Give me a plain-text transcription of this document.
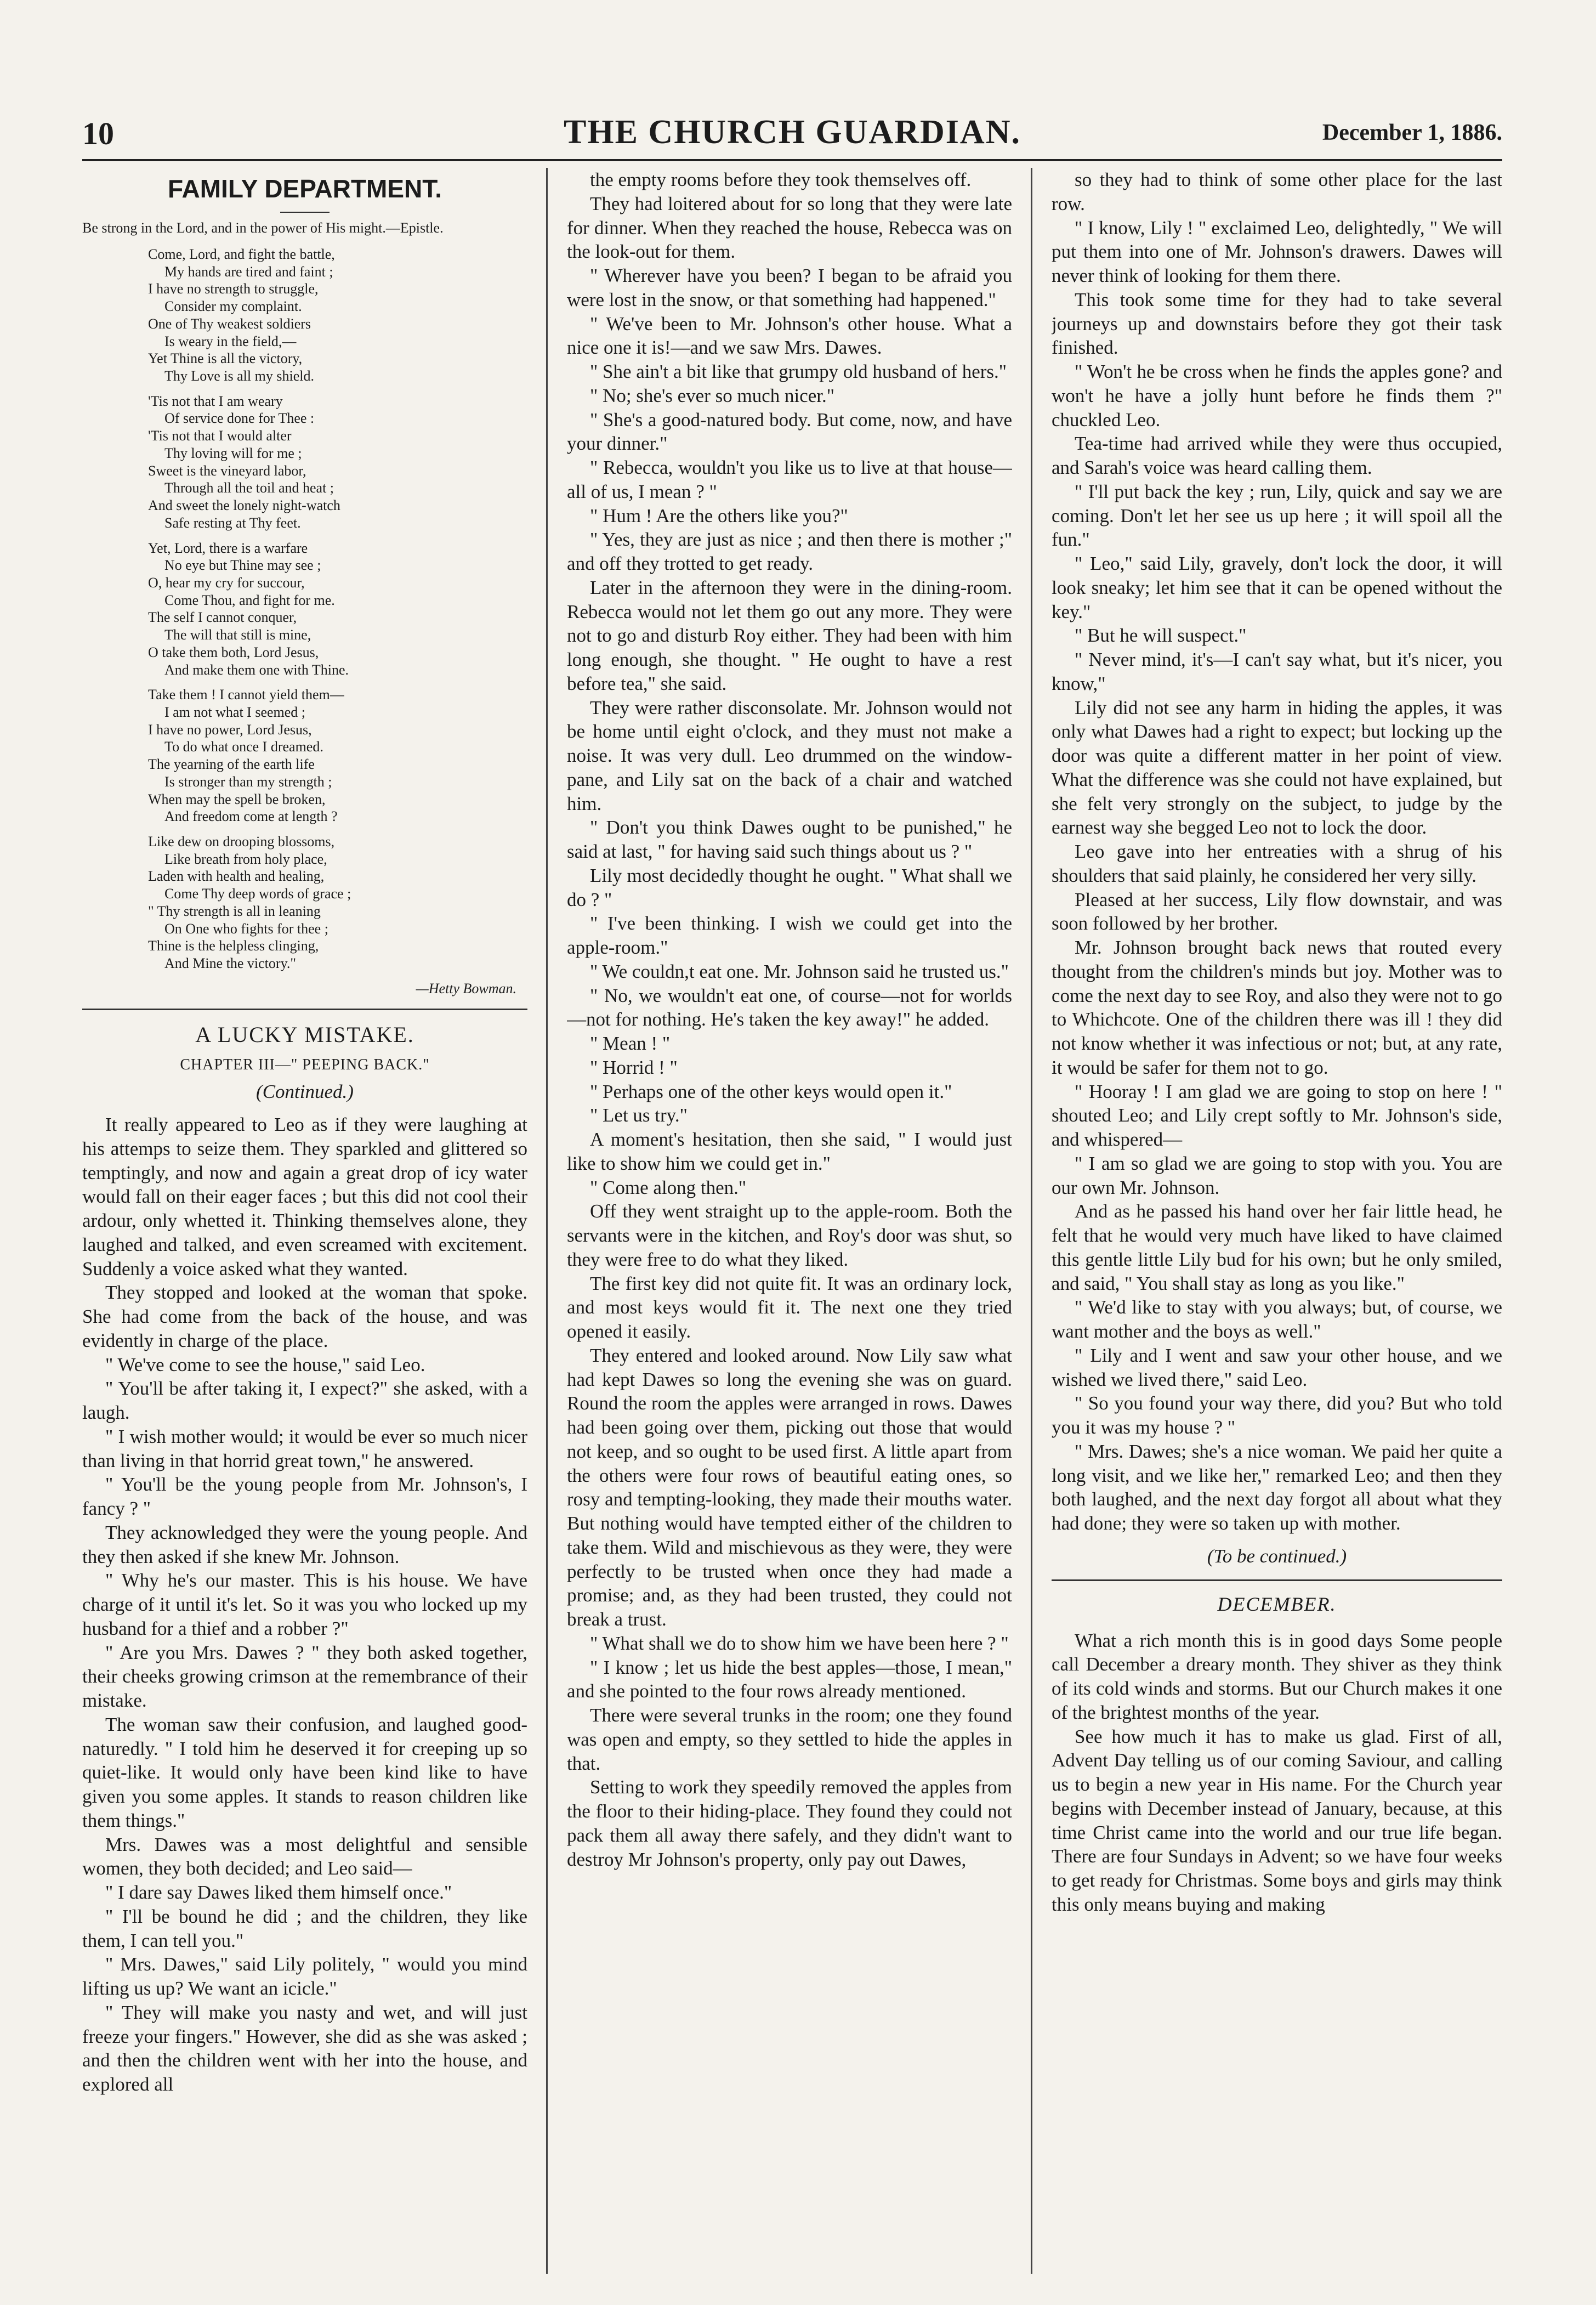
10	THE CHURCH GUARDIAN.	December 1, 1886.
FAMILY DEPARTMENT.

Be strong in the Lord, and in the power of His might.—Epistle.

Come, Lord, and fight the battle,
My hands are tired and faint ;
I have no strength to struggle,
Consider my complaint.
One of Thy weakest soldiers
Is weary in the field,—
Yet Thine is all the victory,
Thy Love is all my shield.
'Tis not that I am weary
Of service done for Thee :
'Tis not that I would alter
Thy loving will for me ;
Sweet is the vineyard labor,
Through all the toil and heat ;
And sweet the lonely night-watch
Safe resting at Thy feet.
Yet, Lord, there is a warfare
No eye but Thine may see ;
O, hear my cry for succour,
Come Thou, and fight for me.
The self I cannot conquer,
The will that still is mine,
O take them both, Lord Jesus,
And make them one with Thine.
Take them ! I cannot yield them—
I am not what I seemed ;
I have no power, Lord Jesus,
To do what once I dreamed.
The yearning of the earth life
Is stronger than my strength ;
When may the spell be broken,
And freedom come at length ?
Like dew on drooping blossoms,
Like breath from holy place,
Laden with health and healing,
Come Thy deep words of grace ;
" Thy strength is all in leaning
On One who fights for thee ;
Thine is the helpless clinging,
And Mine the victory."
—Hetty Bowman.
A LUCKY MISTAKE.
CHAPTER III—" PEEPING BACK."
(Continued.)

It really appeared to Leo as if they were laughing at his attemps to seize them. They sparkled and glittered so temptingly, and now and again a great drop of icy water would fall on their eager faces ; but this did not cool their ardour, only whetted it. Thinking themselves alone, they laughed and talked, and even screamed with excitement. Suddenly a voice asked what they wanted.

They stopped and looked at the woman that spoke. She had come from the back of the house, and was evidently in charge of the place.

" We've come to see the house," said Leo.

" You'll be after taking it, I expect?" she asked, with a laugh.

" I wish mother would; it would be ever so much nicer than living in that horrid great town," he answered.

" You'll be the young people from Mr. Johnson's, I fancy ? "

They acknowledged they were the young people. And they then asked if she knew Mr. Johnson.

" Why he's our master. This is his house. We have charge of it until it's let. So it was you who locked up my husband for a thief and a robber ?"

" Are you Mrs. Dawes ? " they both asked together, their cheeks growing crimson at the remembrance of their mistake.

The woman saw their confusion, and laughed good-naturedly. " I told him he deserved it for creeping up so quiet-like. It would only have been kind like to have given you some apples. It stands to reason children like them things."

Mrs. Dawes was a most delightful and sensible women, they both decided; and Leo said—

" I dare say Dawes liked them himself once."

" I'll be bound he did ; and the children, they like them, I can tell you."

" Mrs. Dawes," said Lily politely, " would you mind lifting us up? We want an icicle."

" They will make you nasty and wet, and will just freeze your fingers." However, she did as she was asked ; and then the children went with her into the house, and explored all

the empty rooms before they took themselves off.

They had loitered about for so long that they were late for dinner. When they reached the house, Rebecca was on the look-out for them.

" Wherever have you been? I began to be afraid you were lost in the snow, or that something had happened."

" We've been to Mr. Johnson's other house. What a nice one it is!—and we saw Mrs. Dawes.

" She ain't a bit like that grumpy old husband of hers."

" No; she's ever so much nicer."

" She's a good-natured body. But come, now, and have your dinner."

" Rebecca, wouldn't you like us to live at that house—all of us, I mean ? "

" Hum ! Are the others like you?"

" Yes, they are just as nice ; and then there is mother ;" and off they trotted to get ready.

Later in the afternoon they were in the dining-room. Rebecca would not let them go out any more. They were not to go and disturb Roy either. They had been with him long enough, she thought. " He ought to have a rest before tea," she said.

They were rather disconsolate. Mr. Johnson would not be home until eight o'clock, and they must not make a noise. It was very dull. Leo drummed on the window-pane, and Lily sat on the back of a chair and watched him.

" Don't you think Dawes ought to be punished," he said at last, " for having said such things about us ? "

Lily most decidedly thought he ought. " What shall we do ? "

" I've been thinking. I wish we could get into the apple-room."

" We couldn,t eat one. Mr. Johnson said he trusted us."

" No, we wouldn't eat one, of course—not for worlds—not for nothing. He's taken the key away!" he added.

" Mean ! "

" Horrid ! "

" Perhaps one of the other keys would open it."

" Let us try."

A moment's hesitation, then she said, " I would just like to show him we could get in."

" Come along then."

Off they went straight up to the apple-room. Both the servants were in the kitchen, and Roy's door was shut, so they were free to do what they liked.

The first key did not quite fit. It was an ordinary lock, and most keys would fit it. The next one they tried opened it easily.

They entered and looked around. Now Lily saw what had kept Dawes so long the evening she was on guard. Round the room the apples were arranged in rows. Dawes had been going over them, picking out those that would not keep, and so ought to be used first. A little apart from the others were four rows of beautiful eating ones, so rosy and tempting-looking, they made their mouths water. But nothing would have tempted either of the children to take them. Wild and mischievous as they were, they were perfectly to be trusted when once they had made a promise; and, as they had been trusted, they could not break a trust.

" What shall we do to show him we have been here ? "

" I know ; let us hide the best apples—those, I mean," and she pointed to the four rows already mentioned.

There were several trunks in the room; one they found was open and empty, so they settled to hide the apples in that.

Setting to work they speedily removed the apples from the floor to their hiding-place. They found they could not pack them all away there safely, and they didn't want to destroy Mr Johnson's property, only pay out Dawes,

so they had to think of some other place for the last row.

" I know, Lily ! " exclaimed Leo, delightedly, " We will put them into one of Mr. Johnson's drawers. Dawes will never think of looking for them there.

This took some time for they had to take several journeys up and downstairs before they got their task finished.

" Won't he be cross when he finds the apples gone? and won't he have a jolly hunt before he finds them ?" chuckled Leo.

Tea-time had arrived while they were thus occupied, and Sarah's voice was heard calling them.

" I'll put back the key ; run, Lily, quick and say we are coming. Don't let her see us up here ; it will spoil all the fun."

" Leo," said Lily, gravely, don't lock the door, it will look sneaky; let him see that it can be opened without the key."

" But he will suspect."

" Never mind, it's—I can't say what, but it's nicer, you know,"

Lily did not see any harm in hiding the apples, it was only what Dawes had a right to expect; but locking up the door was quite a different matter in her point of view. What the difference was she could not have explained, but she felt very strongly on the subject, to judge by the earnest way she begged Leo not to lock the door.

Leo gave into her entreaties with a shrug of his shoulders that said plainly, he considered her very silly.

Pleased at her success, Lily flow downstair, and was soon followed by her brother.

Mr. Johnson brought back news that routed every thought from the children's minds but joy. Mother was to come the next day to see Roy, and also they were not to go to Whichcote. One of the children there was ill ! they did not know whether it was infectious or not; but, at any rate, it would be safer for them not to go.

" Hooray ! I am glad we are going to stop on here ! " shouted Leo; and Lily crept softly to Mr. Johnson's side, and whispered—

" I am so glad we are going to stop with you. You are our own Mr. Johnson.

And as he passed his hand over her fair little head, he felt that he would very much have liked to have claimed this gentle little Lily bud for his own; but he only smiled, and said, " You shall stay as long as you like."

" We'd like to stay with you always; but, of course, we want mother and the boys as well."

" Lily and I went and saw your other house, and we wished we lived there," said Leo.

" So you found your way there, did you? But who told you it was my house ? "

" Mrs. Dawes; she's a nice woman. We paid her quite a long visit, and we like her," remarked Leo; and then they both laughed, and the next day forgot all about what they had done; they were so taken up with mother.

(To be continued.)
DECEMBER.

What a rich month this is in good days Some people call December a dreary month. They shiver as they think of its cold winds and storms. But our Church makes it one of the brightest months of the year.

See how much it has to make us glad. First of all, Advent Day telling us of our coming Saviour, and calling us to begin a new year in His name. For the Church year begins with December instead of January, because, at this time Christ came into the world and our true life began. There are four Sundays in Advent; so we have four weeks to get ready for Christmas. Some boys and girls may think this only means buying and making
